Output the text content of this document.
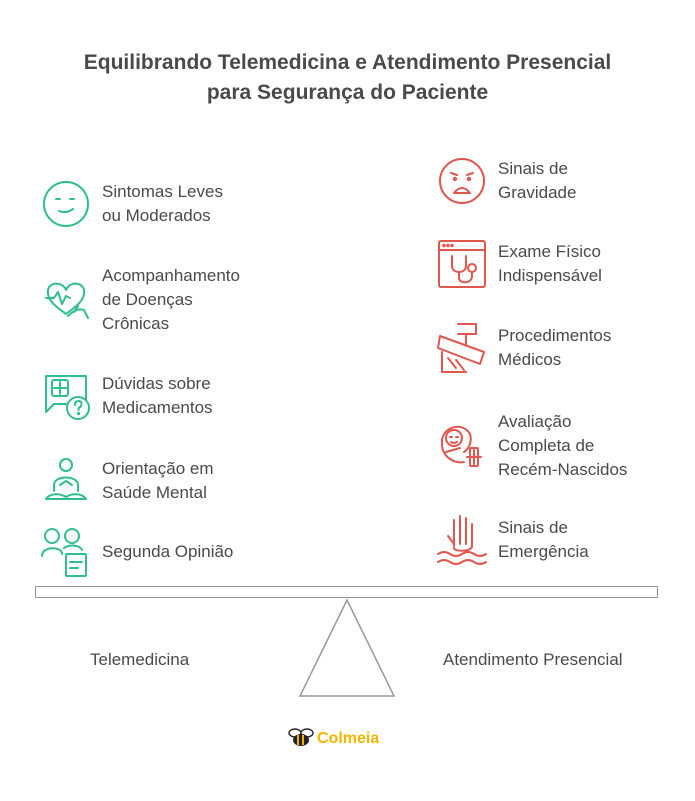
Equilibrando Telemedicina e Atendimento Presencial
para Segurança do Paciente
Sintomas Leves
ou Moderados
Acompanhamento
de Doenças
Crônicas
Dúvidas sobre
Medicamentos
Orientação em
Saúde Mental
Segunda Opinião
Sinais de
Gravidade
Exame Físico
Indispensável
Procedimentos
Médicos
Avaliação
Completa de
Recém-Nascidos
Sinais de
Emergência
Telemedicina	Atendimento Presencial
Colmeia
